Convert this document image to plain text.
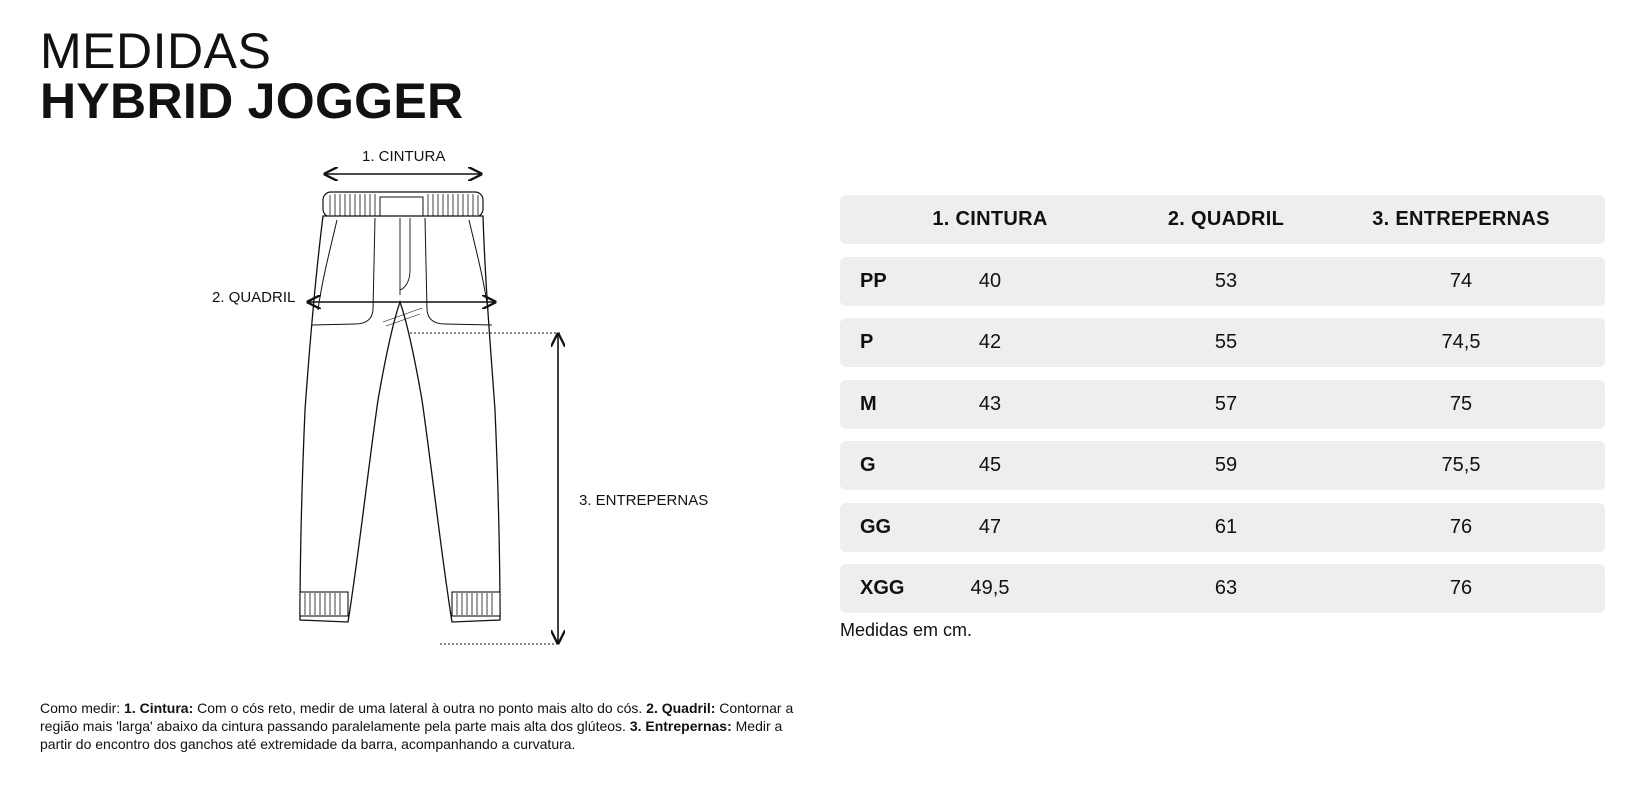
MEDIDAS
HYBRID JOGGER
1. CINTURA
2. QUADRIL
3. ENTREPERNAS
1. CINTURA	2. QUADRIL	3. ENTREPERNAS
PP	40	53	74
P	42	55	74,5
M	43	57	75
G	45	59	75,5
GG	47	61	76
XGG	49,5	63	76
Medidas em cm.
Como medir: 1. Cintura: Com o cós reto, medir de uma lateral à outra no ponto mais alto do cós. 2. Quadril: Contornar a região mais 'larga' abaixo da cintura passando paralelamente pela parte mais alta dos glúteos. 3. Entrepernas: Medir a partir do encontro dos ganchos até extremidade da barra, acompanhando a curvatura.
